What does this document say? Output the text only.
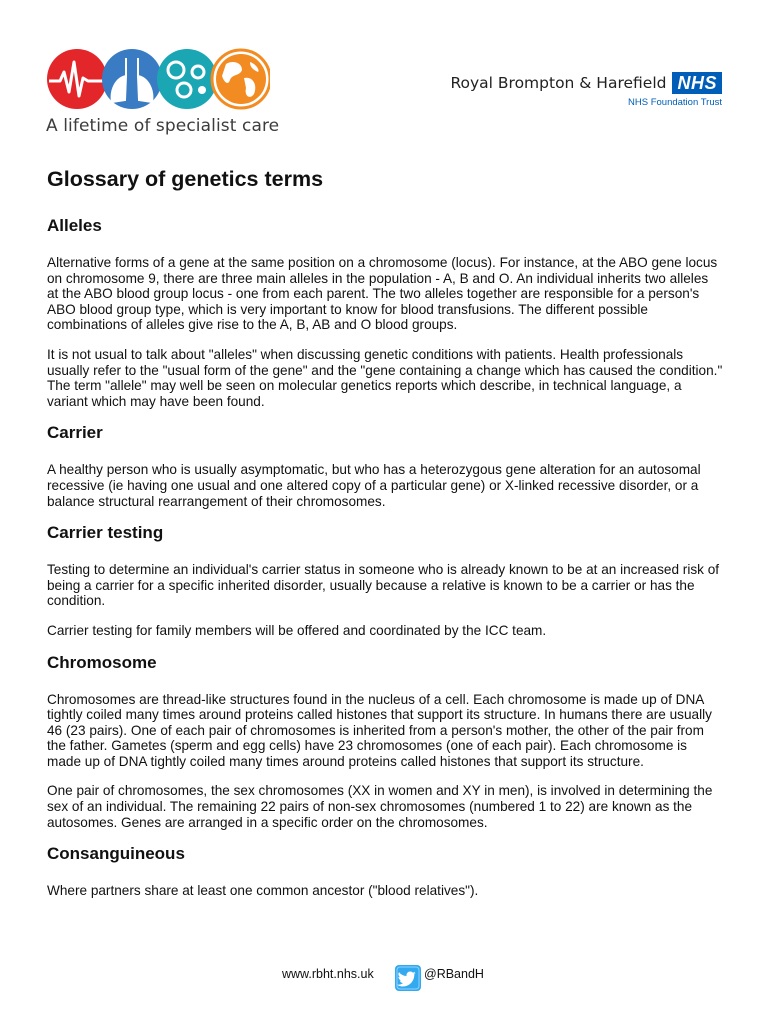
A lifetime of specialist care
Royal Brompton & Harefield NHS
NHS Foundation Trust
Glossary of genetics terms
Alleles

Alternative forms of a gene at the same position on a chromosome (locus). For instance, at the ABO gene locus on chromosome 9, there are three main alleles in the population - A, B and O. An individual inherits two alleles at the ABO blood group locus - one from each parent. The two alleles together are responsible for a person's ABO blood group type, which is very important to know for blood transfusions. The different possible combinations of alleles give rise to the A, B, AB and O blood groups.

It is not usual to talk about "alleles" when discussing genetic conditions with patients. Health professionals usually refer to the "usual form of the gene" and the "gene containing a change which has caused the condition." The term "allele" may well be seen on molecular genetics reports which describe, in technical language, a variant which may have been found.

Carrier

A healthy person who is usually asymptomatic, but who has a heterozygous gene alteration for an autosomal recessive (ie having one usual and one altered copy of a particular gene) or X-linked recessive disorder, or a balance structural rearrangement of their chromosomes.

Carrier testing

Testing to determine an individual's carrier status in someone who is already known to be at an increased risk of being a carrier for a specific inherited disorder, usually because a relative is known to be a carrier or has the condition.

Carrier testing for family members will be offered and coordinated by the ICC team.

Chromosome

Chromosomes are thread-like structures found in the nucleus of a cell. Each chromosome is made up of DNA tightly coiled many times around proteins called histones that support its structure. In humans there are usually 46 (23 pairs). One of each pair of chromosomes is inherited from a person's mother, the other of the pair from the father. Gametes (sperm and egg cells) have 23 chromosomes (one of each pair). Each chromosome is made up of DNA tightly coiled many times around proteins called histones that support its structure.

One pair of chromosomes, the sex chromosomes (XX in women and XY in men), is involved in determining the sex of an individual. The remaining 22 pairs of non-sex chromosomes (numbered 1 to 22) are known as the autosomes. Genes are arranged in a specific order on the chromosomes.

Consanguineous

Where partners share at least one common ancestor ("blood relatives").

www.rbht.nhs.uk	@RBandH
